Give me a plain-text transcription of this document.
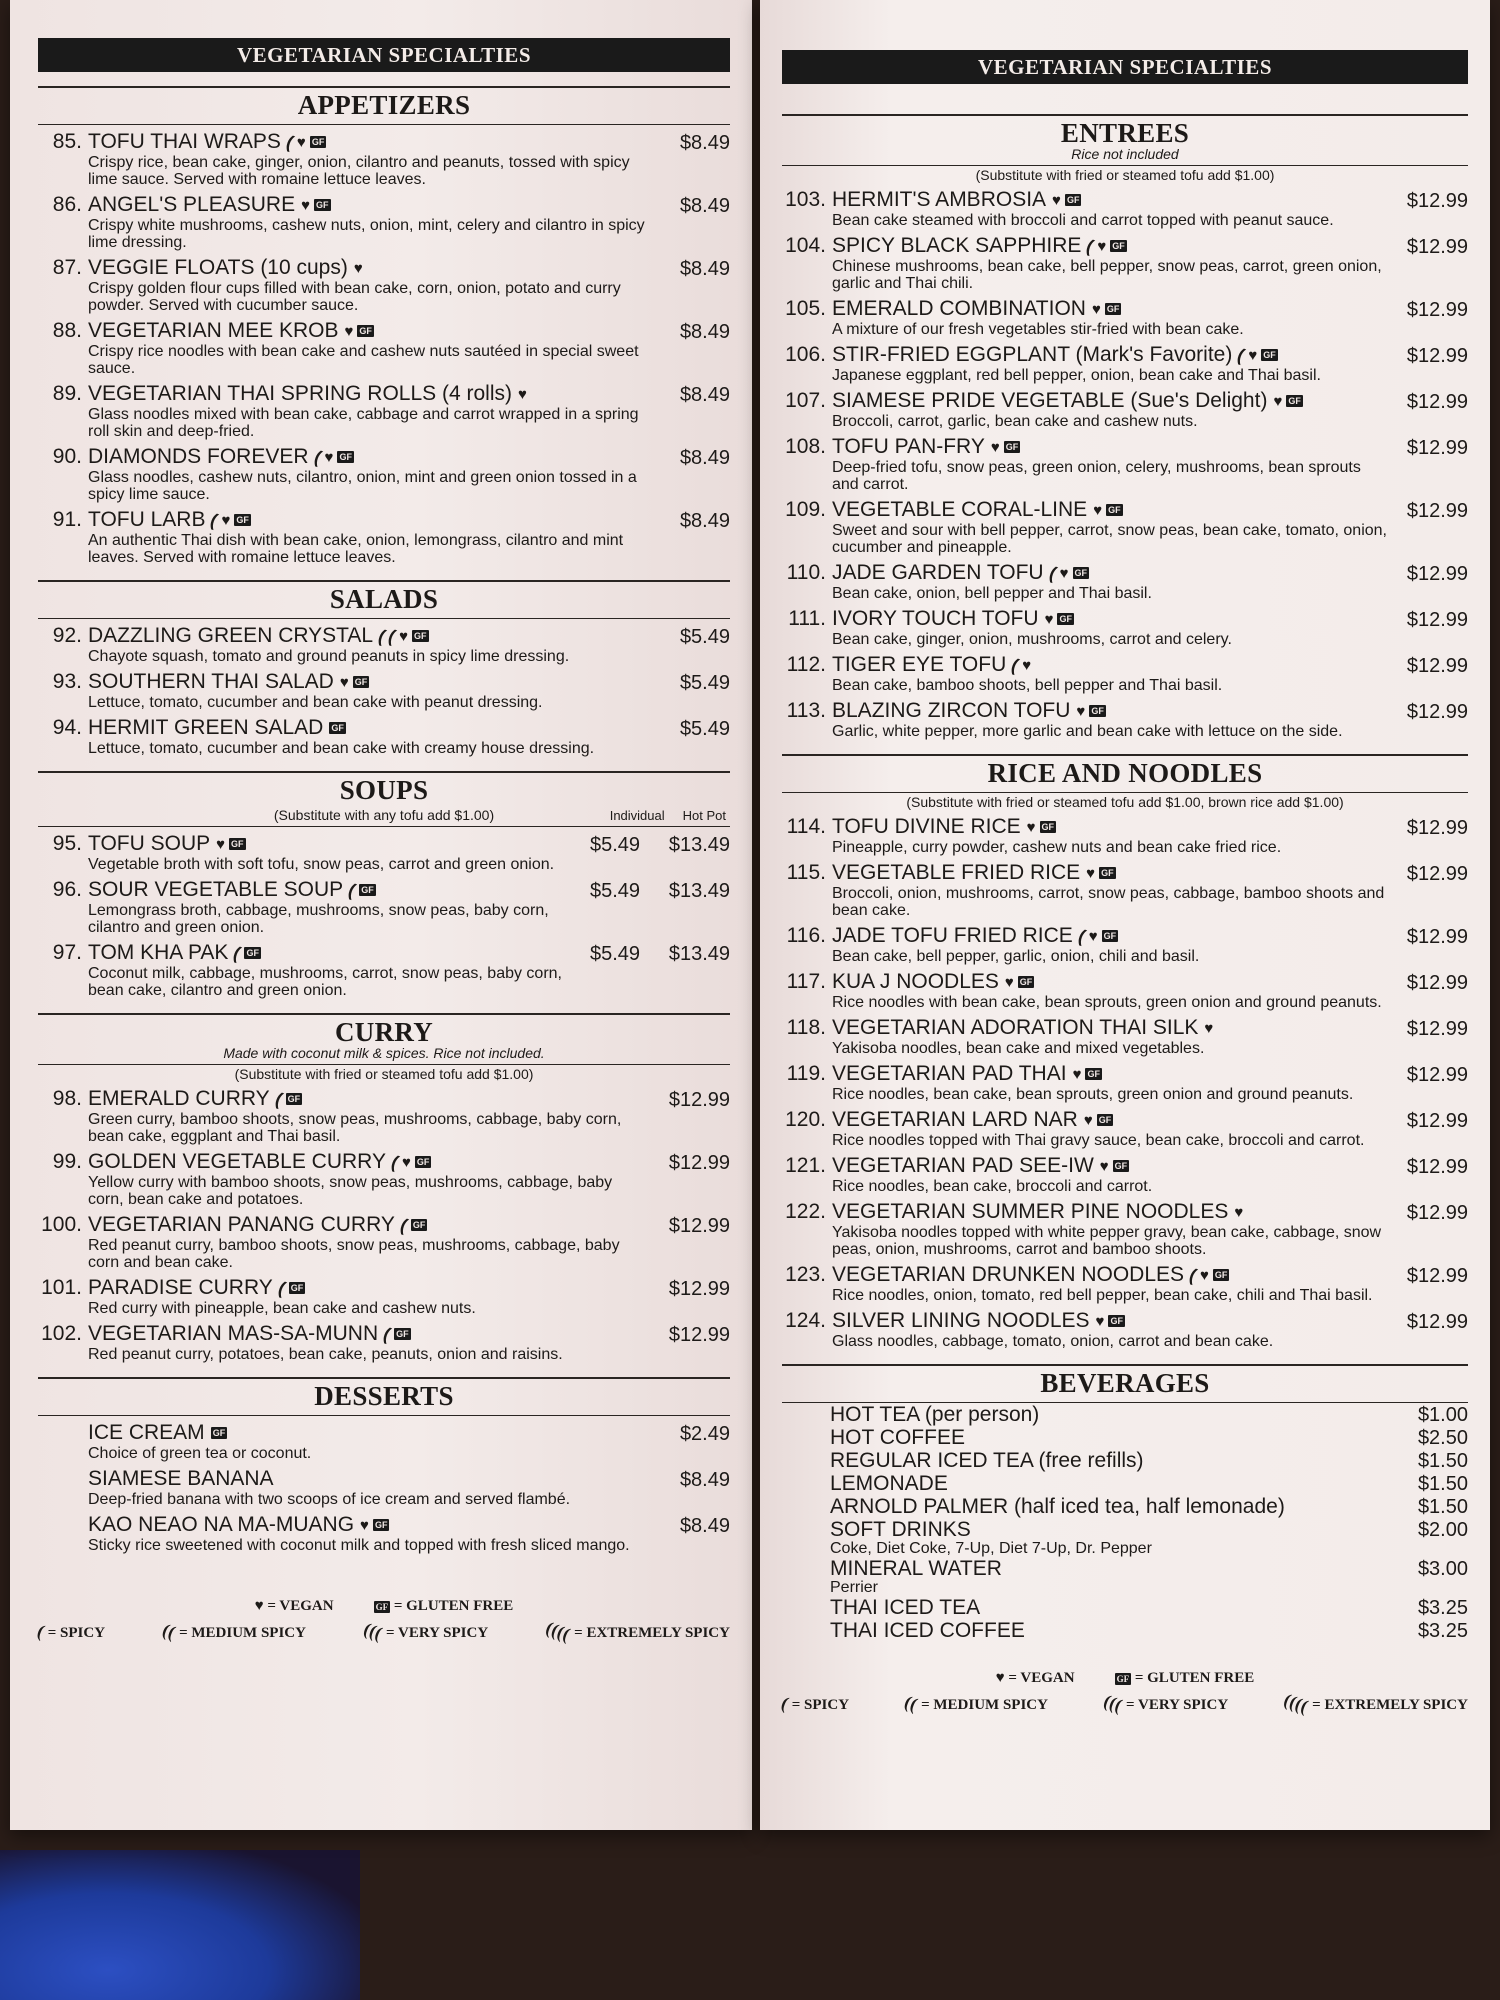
VEGETARIAN SPECIALTIES
APPETIZERS
85. TOFU THAI WRAPS ( ♥ GF
Crispy rice, bean cake, ginger, onion, cilantro and peanuts, tossed with spicy lime sauce. Served with romaine lettuce leaves.
$8.49
86. ANGEL'S PLEASURE ♥ GF
Crispy white mushrooms, cashew nuts, onion, mint, celery and cilantro in spicy lime dressing.
$8.49
87. VEGGIE FLOATS (10 cups) ♥
Crispy golden flour cups filled with bean cake, corn, onion, potato and curry powder. Served with cucumber sauce.
$8.49
88. VEGETARIAN MEE KROB ♥ GF
Crispy rice noodles with bean cake and cashew nuts sautéed in special sweet sauce.
$8.49
89. VEGETARIAN THAI SPRING ROLLS (4 rolls) ♥
Glass noodles mixed with bean cake, cabbage and carrot wrapped in a spring roll skin and deep-fried.
$8.49
90. DIAMONDS FOREVER ( ♥ GF
Glass noodles, cashew nuts, cilantro, onion, mint and green onion tossed in a spicy lime sauce.
$8.49
91. TOFU LARB ( ♥ GF
An authentic Thai dish with bean cake, onion, lemongrass, cilantro and mint leaves. Served with romaine lettuce leaves.
$8.49
SALADS
92. DAZZLING GREEN CRYSTAL (
( ♥ GF
Chayote squash, tomato and ground peanuts in spicy lime dressing.
$5.49
93. SOUTHERN THAI SALAD ♥ GF
Lettuce, tomato, cucumber and bean cake with peanut dressing.
$5.49
94. HERMIT GREEN SALAD GF
Lettuce, tomato, cucumber and bean cake with creamy house dressing.
$5.49
SOUPS
(Substitute with any tofu add $1.00)	Individual Hot Pot
95. TOFU SOUP ♥ GF
Vegetable broth with soft tofu, snow peas, carrot and green onion.
$5.49 $13.49
96. SOUR VEGETABLE SOUP ( GF
Lemongrass broth, cabbage, mushrooms, snow peas, baby corn, cilantro and green onion.
$5.49 $13.49
97. TOM KHA PAK ( GF
Coconut milk, cabbage, mushrooms, carrot, snow peas, baby corn, bean cake, cilantro and green onion.
$5.49 $13.49
CURRY
Made with coconut milk & spices. Rice not included.
(Substitute with fried or steamed tofu add $1.00)
98. EMERALD CURRY ( GF
Green curry, bamboo shoots, snow peas, mushrooms, cabbage, baby corn, bean cake, eggplant and Thai basil.
$12.99
99. GOLDEN VEGETABLE CURRY ( ♥ GF
Yellow curry with bamboo shoots, snow peas, mushrooms, cabbage, baby corn, bean cake and potatoes.
$12.99
100. VEGETARIAN PANANG CURRY ( GF
Red peanut curry, bamboo shoots, snow peas, mushrooms, cabbage, baby corn and bean cake.
$12.99
101. PARADISE CURRY ( GF
Red curry with pineapple, bean cake and cashew nuts.
$12.99
102. VEGETARIAN MAS-SA-MUNN ( GF
Red peanut curry, potatoes, bean cake, peanuts, onion and raisins.
$12.99
DESSERTS
ICE CREAM GF
Choice of green tea or coconut.
$2.49
SIAMESE BANANA
Deep-fried banana with two scoops of ice cream and served flambé.
$8.49
KAO NEAO NA MA-MUANG ♥ GF
Sticky rice sweetened with coconut milk and topped with fresh sliced mango.
$8.49
♥ = VEGAN	GF = GLUTEN FREE
( = SPICY	(( = MEDIUM SPICY	((( = VERY SPICY	(((( = EXTREMELY SPICY
VEGETARIAN SPECIALTIES
ENTREES
Rice not included
(Substitute with fried or steamed tofu add $1.00)
103. HERMIT'S AMBROSIA ♥ GF
Bean cake steamed with broccoli and carrot topped with peanut sauce.
$12.99
104. SPICY BLACK SAPPHIRE ( ♥ GF
Chinese mushrooms, bean cake, bell pepper, snow peas, carrot, green onion, garlic and Thai chili.
$12.99
105. EMERALD COMBINATION ♥ GF
A mixture of our fresh vegetables stir-fried with bean cake.
$12.99
106. STIR-FRIED EGGPLANT (Mark's Favorite) ( ♥ GF
Japanese eggplant, red bell pepper, onion, bean cake and Thai basil.
$12.99
107. SIAMESE PRIDE VEGETABLE (Sue's Delight) ♥ GF
Broccoli, carrot, garlic, bean cake and cashew nuts.
$12.99
108. TOFU PAN-FRY ♥ GF
Deep-fried tofu, snow peas, green onion, celery, mushrooms, bean sprouts and carrot.
$12.99
109. VEGETABLE CORAL-LINE ♥ GF
Sweet and sour with bell pepper, carrot, snow peas, bean cake, tomato, onion, cucumber and pineapple.
$12.99
110. JADE GARDEN TOFU ( ♥ GF
Bean cake, onion, bell pepper and Thai basil.
$12.99
111. IVORY TOUCH TOFU ♥ GF
Bean cake, ginger, onion, mushrooms, carrot and celery.
$12.99
112. TIGER EYE TOFU ( ♥
Bean cake, bamboo shoots, bell pepper and Thai basil.
$12.99
113. BLAZING ZIRCON TOFU ♥ GF
Garlic, white pepper, more garlic and bean cake with lettuce on the side.
$12.99
RICE AND NOODLES
(Substitute with fried or steamed tofu add $1.00, brown rice add $1.00)
114. TOFU DIVINE RICE ♥ GF
Pineapple, curry powder, cashew nuts and bean cake fried rice.
$12.99
115. VEGETABLE FRIED RICE ♥ GF
Broccoli, onion, mushrooms, carrot, snow peas, cabbage, bamboo shoots and bean cake.
$12.99
116. JADE TOFU FRIED RICE ( ♥ GF
Bean cake, bell pepper, garlic, onion, chili and basil.
$12.99
117. KUA J NOODLES ♥ GF
Rice noodles with bean cake, bean sprouts, green onion and ground peanuts.
$12.99
118. VEGETARIAN ADORATION THAI SILK ♥
Yakisoba noodles, bean cake and mixed vegetables.
$12.99
119. VEGETARIAN PAD THAI ♥ GF
Rice noodles, bean cake, bean sprouts, green onion and ground peanuts.
$12.99
120. VEGETARIAN LARD NAR ♥ GF
Rice noodles topped with Thai gravy sauce, bean cake, broccoli and carrot.
$12.99
121. VEGETARIAN PAD SEE-IW ♥ GF
Rice noodles, bean cake, broccoli and carrot.
$12.99
122. VEGETARIAN SUMMER PINE NOODLES ♥
Yakisoba noodles topped with white pepper gravy, bean cake, cabbage, snow peas, onion, mushrooms, carrot and bamboo shoots.
$12.99
123. VEGETARIAN DRUNKEN NOODLES ( ♥ GF
Rice noodles, onion, tomato, red bell pepper, bean cake, chili and Thai basil.
$12.99
124. SILVER LINING NOODLES ♥ GF
Glass noodles, cabbage, tomato, onion, carrot and bean cake.
$12.99
BEVERAGES
HOT TEA (per person)	$1.00
HOT COFFEE	$2.50
REGULAR ICED TEA (free refills)	$1.50
LEMONADE	$1.50
ARNOLD PALMER (half iced tea, half lemonade)	$1.50
SOFT DRINKS
Coke, Diet Coke, 7-Up, Diet 7-Up, Dr. Pepper
$2.00
MINERAL WATER
Perrier
$3.00
THAI ICED TEA	$3.25
THAI ICED COFFEE	$3.25
♥ = VEGAN	GF = GLUTEN FREE
( = SPICY	(( = MEDIUM SPICY	((( = VERY SPICY	(((( = EXTREMELY SPICY
